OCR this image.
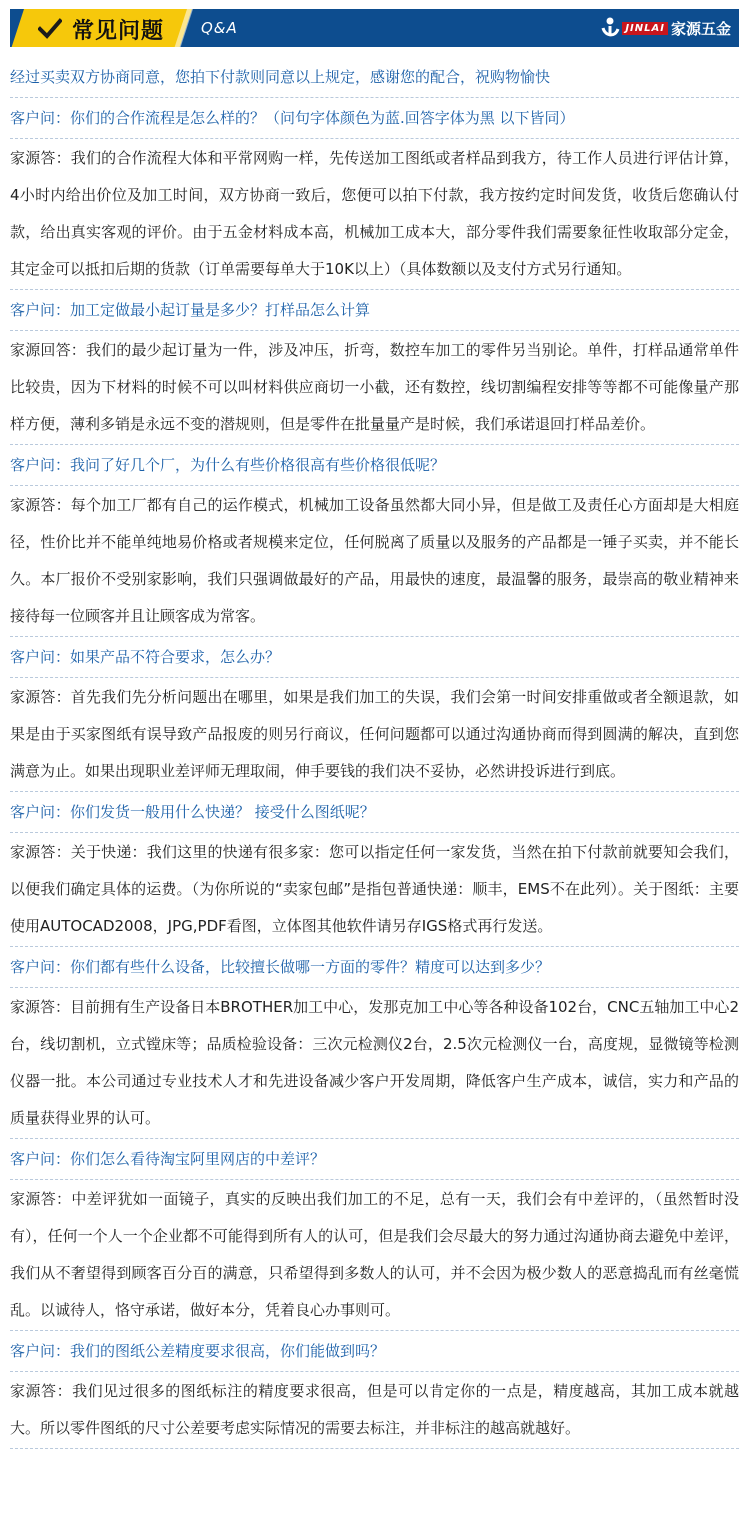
常见问题 Q&A	JINLAI 家源五金

经过买卖双方协商同意，您拍下付款则同意以上规定，感谢您的配合，祝购物愉快

客户问：你们的合作流程是怎么样的？（问句字体颜色为蓝.回答字体为黑 以下皆同）

家源答：我们的合作流程大体和平常网购一样，先传送加工图纸或者样品到我方，待工作人员进行评估计算，4小时内给出价位及加工时间，双方协商一致后，您便可以拍下付款，我方按约定时间发货，收货后您确认付款，给出真实客观的评价。由于五金材料成本高，机械加工成本大，部分零件我们需要象征性收取部分定金，其定金可以抵扣后期的货款（订单需要每单大于10K以上）（具体数额以及支付方式另行通知。

客户问：加工定做最小起订量是多少？打样品怎么计算

家源回答：我们的最少起订量为一件，涉及冲压，折弯，数控车加工的零件另当别论。单件，打样品通常单件比较贵，因为下材料的时候不可以叫材料供应商切一小截，还有数控，线切割编程安排等等都不可能像量产那样方便，薄利多销是永远不变的潜规则，但是零件在批量量产是时候，我们承诺退回打样品差价。

客户问：我问了好几个厂，为什么有些价格很高有些价格很低呢？

家源答：每个加工厂都有自己的运作模式，机械加工设备虽然都大同小异，但是做工及责任心方面却是大相庭径，性价比并不能单纯地易价格或者规模来定位，任何脱离了质量以及服务的产品都是一锤子买卖，并不能长久。本厂报价不受别家影响，我们只强调做最好的产品，用最快的速度，最温馨的服务，最崇高的敬业精神来接待每一位顾客并且让顾客成为常客。

客户问：如果产品不符合要求，怎么办？

家源答：首先我们先分析问题出在哪里，如果是我们加工的失误，我们会第一时间安排重做或者全额退款，如果是由于买家图纸有误导致产品报废的则另行商议，任何问题都可以通过沟通协商而得到圆满的解决，直到您满意为止。如果出现职业差评师无理取闹，伸手要钱的我们决不妥协，必然讲投诉进行到底。

客户问：你们发货一般用什么快递？ 接受什么图纸呢？

家源答：关于快递：我们这里的快递有很多家：您可以指定任何一家发货，当然在拍下付款前就要知会我们，以便我们确定具体的运费。（为你所说的“卖家包邮”是指包普通快递：顺丰，EMS不在此列）。关于图纸：主要使用AUTOCAD2008，JPG,PDF看图，立体图其他软件请另存IGS格式再行发送。

客户问：你们都有些什么设备，比较擅长做哪一方面的零件？精度可以达到多少？

家源答：目前拥有生产设备日本BROTHER加工中心，发那克加工中心等各种设备102台，CNC五轴加工中心2台，线切割机，立式镗床等；品质检验设备：三次元检测仪2台，2.5次元检测仪一台，高度规，显微镜等检测仪器一批。本公司通过专业技术人才和先进设备减少客户开发周期，降低客户生产成本，诚信，实力和产品的质量获得业界的认可。

客户问：你们怎么看待淘宝阿里网店的中差评？

家源答：中差评犹如一面镜子，真实的反映出我们加工的不足，总有一天，我们会有中差评的，（虽然暂时没有），任何一个人一个企业都不可能得到所有人的认可，但是我们会尽最大的努力通过沟通协商去避免中差评，我们从不奢望得到顾客百分百的满意，只希望得到多数人的认可，并不会因为极少数人的恶意捣乱而有丝毫慌乱。以诚待人，恪守承诺，做好本分，凭着良心办事则可。

客户问：我们的图纸公差精度要求很高，你们能做到吗？

家源答：我们见过很多的图纸标注的精度要求很高，但是可以肯定你的一点是，精度越高，其加工成本就越大。所以零件图纸的尺寸公差要考虑实际情况的需要去标注，并非标注的越高就越好。
